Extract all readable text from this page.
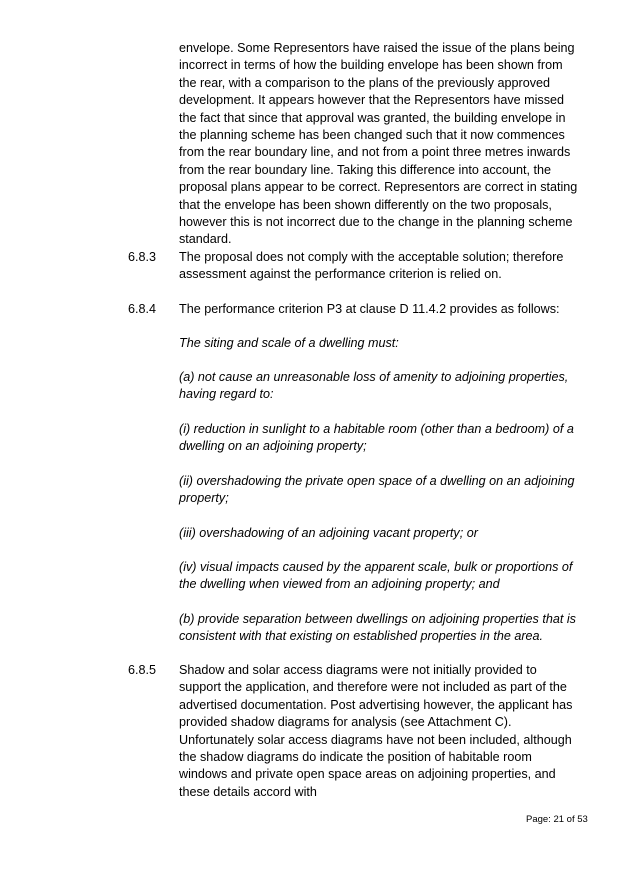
envelope. Some Representors have raised the issue of the plans being incorrect in terms of how the building envelope has been shown from the rear, with a comparison to the plans of the previously approved development. It appears however that the Representors have missed the fact that since that approval was granted, the building envelope in the planning scheme has been changed such that it now commences from the rear boundary line, and not from a point three metres inwards from the rear boundary line. Taking this difference into account, the proposal plans appear to be correct. Representors are correct in stating that the envelope has been shown differently on the two proposals, however this is not incorrect due to the change in the planning scheme standard.

6.8.3 The proposal does not comply with the acceptable solution; therefore assessment against the performance criterion is relied on.

6.8.4 The performance criterion P3 at clause D 11.4.2 provides as follows:

The siting and scale of a dwelling must:

(a) not cause an unreasonable loss of amenity to adjoining properties, having regard to:

(i) reduction in sunlight to a habitable room (other than a bedroom) of a dwelling on an adjoining property;

(ii) overshadowing the private open space of a dwelling on an adjoining property;

(iii) overshadowing of an adjoining vacant property; or

(iv) visual impacts caused by the apparent scale, bulk or proportions of the dwelling when viewed from an adjoining property; and

(b) provide separation between dwellings on adjoining properties that is consistent with that existing on established properties in the area.

6.8.5 Shadow and solar access diagrams were not initially provided to support the application, and therefore were not included as part of the advertised documentation. Post advertising however, the applicant has provided shadow diagrams for analysis (see Attachment C). Unfortunately solar access diagrams have not been included, although the shadow diagrams do indicate the position of habitable room windows and private open space areas on adjoining properties, and these details accord with

Page: 21 of 53
